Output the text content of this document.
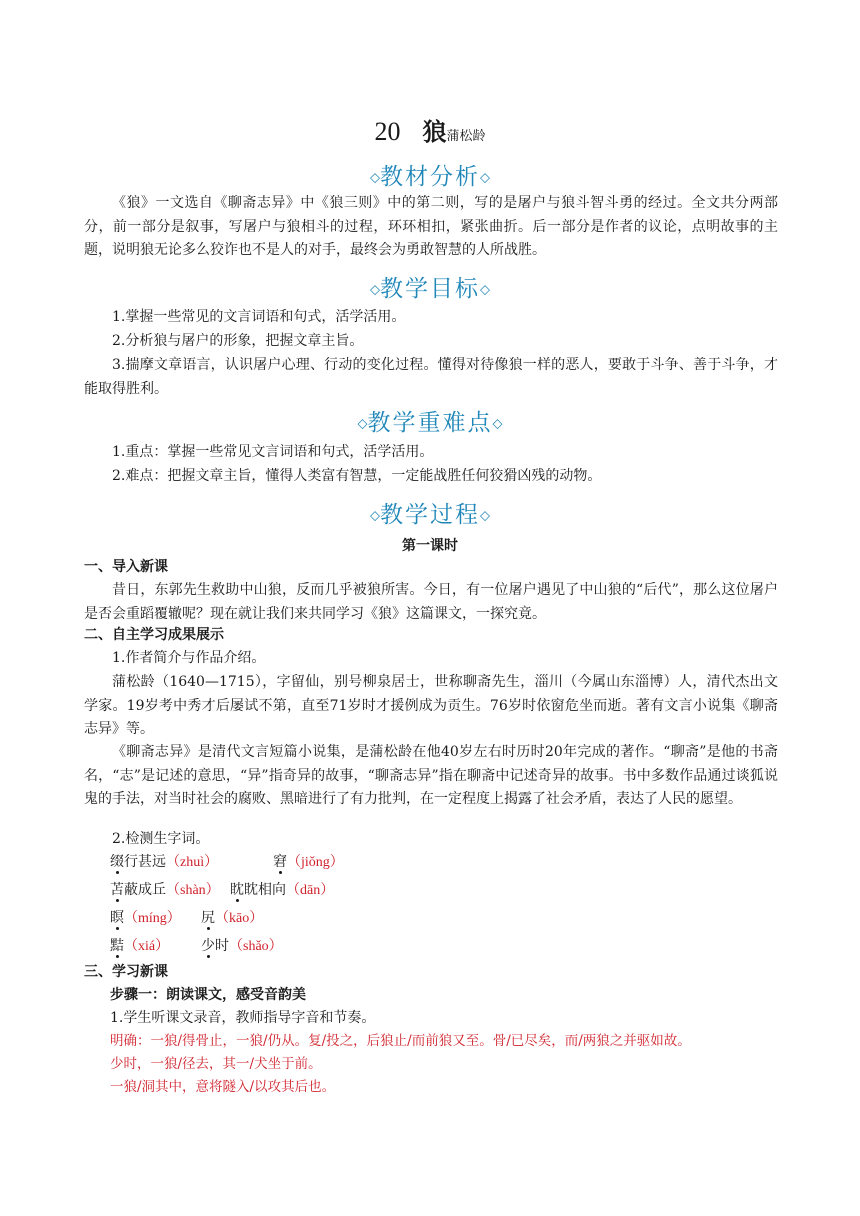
20 狼蒲松龄
◇教材分析◇
《狼》一文选自《聊斋志异》中《狼三则》中的第二则，写的是屠户与狼斗智斗勇的经过。全文共分两部分，前一部分是叙事，写屠户与狼相斗的过程，环环相扣，紧张曲折。后一部分是作者的议论，点明故事的主题，说明狼无论多么狡诈也不是人的对手，最终会为勇敢智慧的人所战胜。
◇教学目标◇
1.掌握一些常见的文言词语和句式，活学活用。
2.分析狼与屠户的形象，把握文章主旨。
3.揣摩文章语言，认识屠户心理、行动的变化过程。懂得对待像狼一样的恶人，要敢于斗争、善于斗争，才能取得胜利。
◇教学重难点◇
1.重点：掌握一些常见文言词语和句式，活学活用。
2.难点：把握文章主旨，懂得人类富有智慧，一定能战胜任何狡猾凶残的动物。
◇教学过程◇
第一课时
一、导入新课
昔日，东郭先生救助中山狼，反而几乎被狼所害。今日，有一位屠户遇见了中山狼的“后代”，那么这位屠户是否会重蹈覆辙呢？现在就让我们来共同学习《狼》这篇课文，一探究竟。
二、自主学习成果展示
1.作者简介与作品介绍。
蒲松龄（1640—1715），字留仙，别号柳泉居士，世称聊斋先生，淄川（今属山东淄博）人，清代杰出文学家。19岁考中秀才后屡试不第，直至71岁时才援例成为贡生。76岁时依窗危坐而逝。著有文言小说集《聊斋志异》等。
《聊斋志异》是清代文言短篇小说集，是蒲松龄在他40岁左右时历时20年完成的著作。“聊斋”是他的书斋名，“志”是记述的意思，“异”指奇异的故事，“聊斋志异”指在聊斋中记述奇异的故事。书中多数作品通过谈狐说鬼的手法，对当时社会的腐败、黑暗进行了有力批判，在一定程度上揭露了社会矛盾，表达了人民的愿望。
2.检测生字词。
缀行甚远（zhuì）	窘（jiǒng）
苫蔽成丘（shàn） 眈眈相向（dān）
瞑（míng） 尻（kāo）
黠（xiá） 少时（shǎo）
三、学习新课
步骤一：朗读课文，感受音韵美
1.学生听课文录音，教师指导字音和节奏。
明确：一狼/得骨止，一狼/仍从。复/投之，后狼止/而前狼又至。骨/已尽矣，而/两狼之并驱如故。
少时，一狼/径去，其一/犬坐于前。
一狼/洞其中，意将隧入/以攻其后也。
